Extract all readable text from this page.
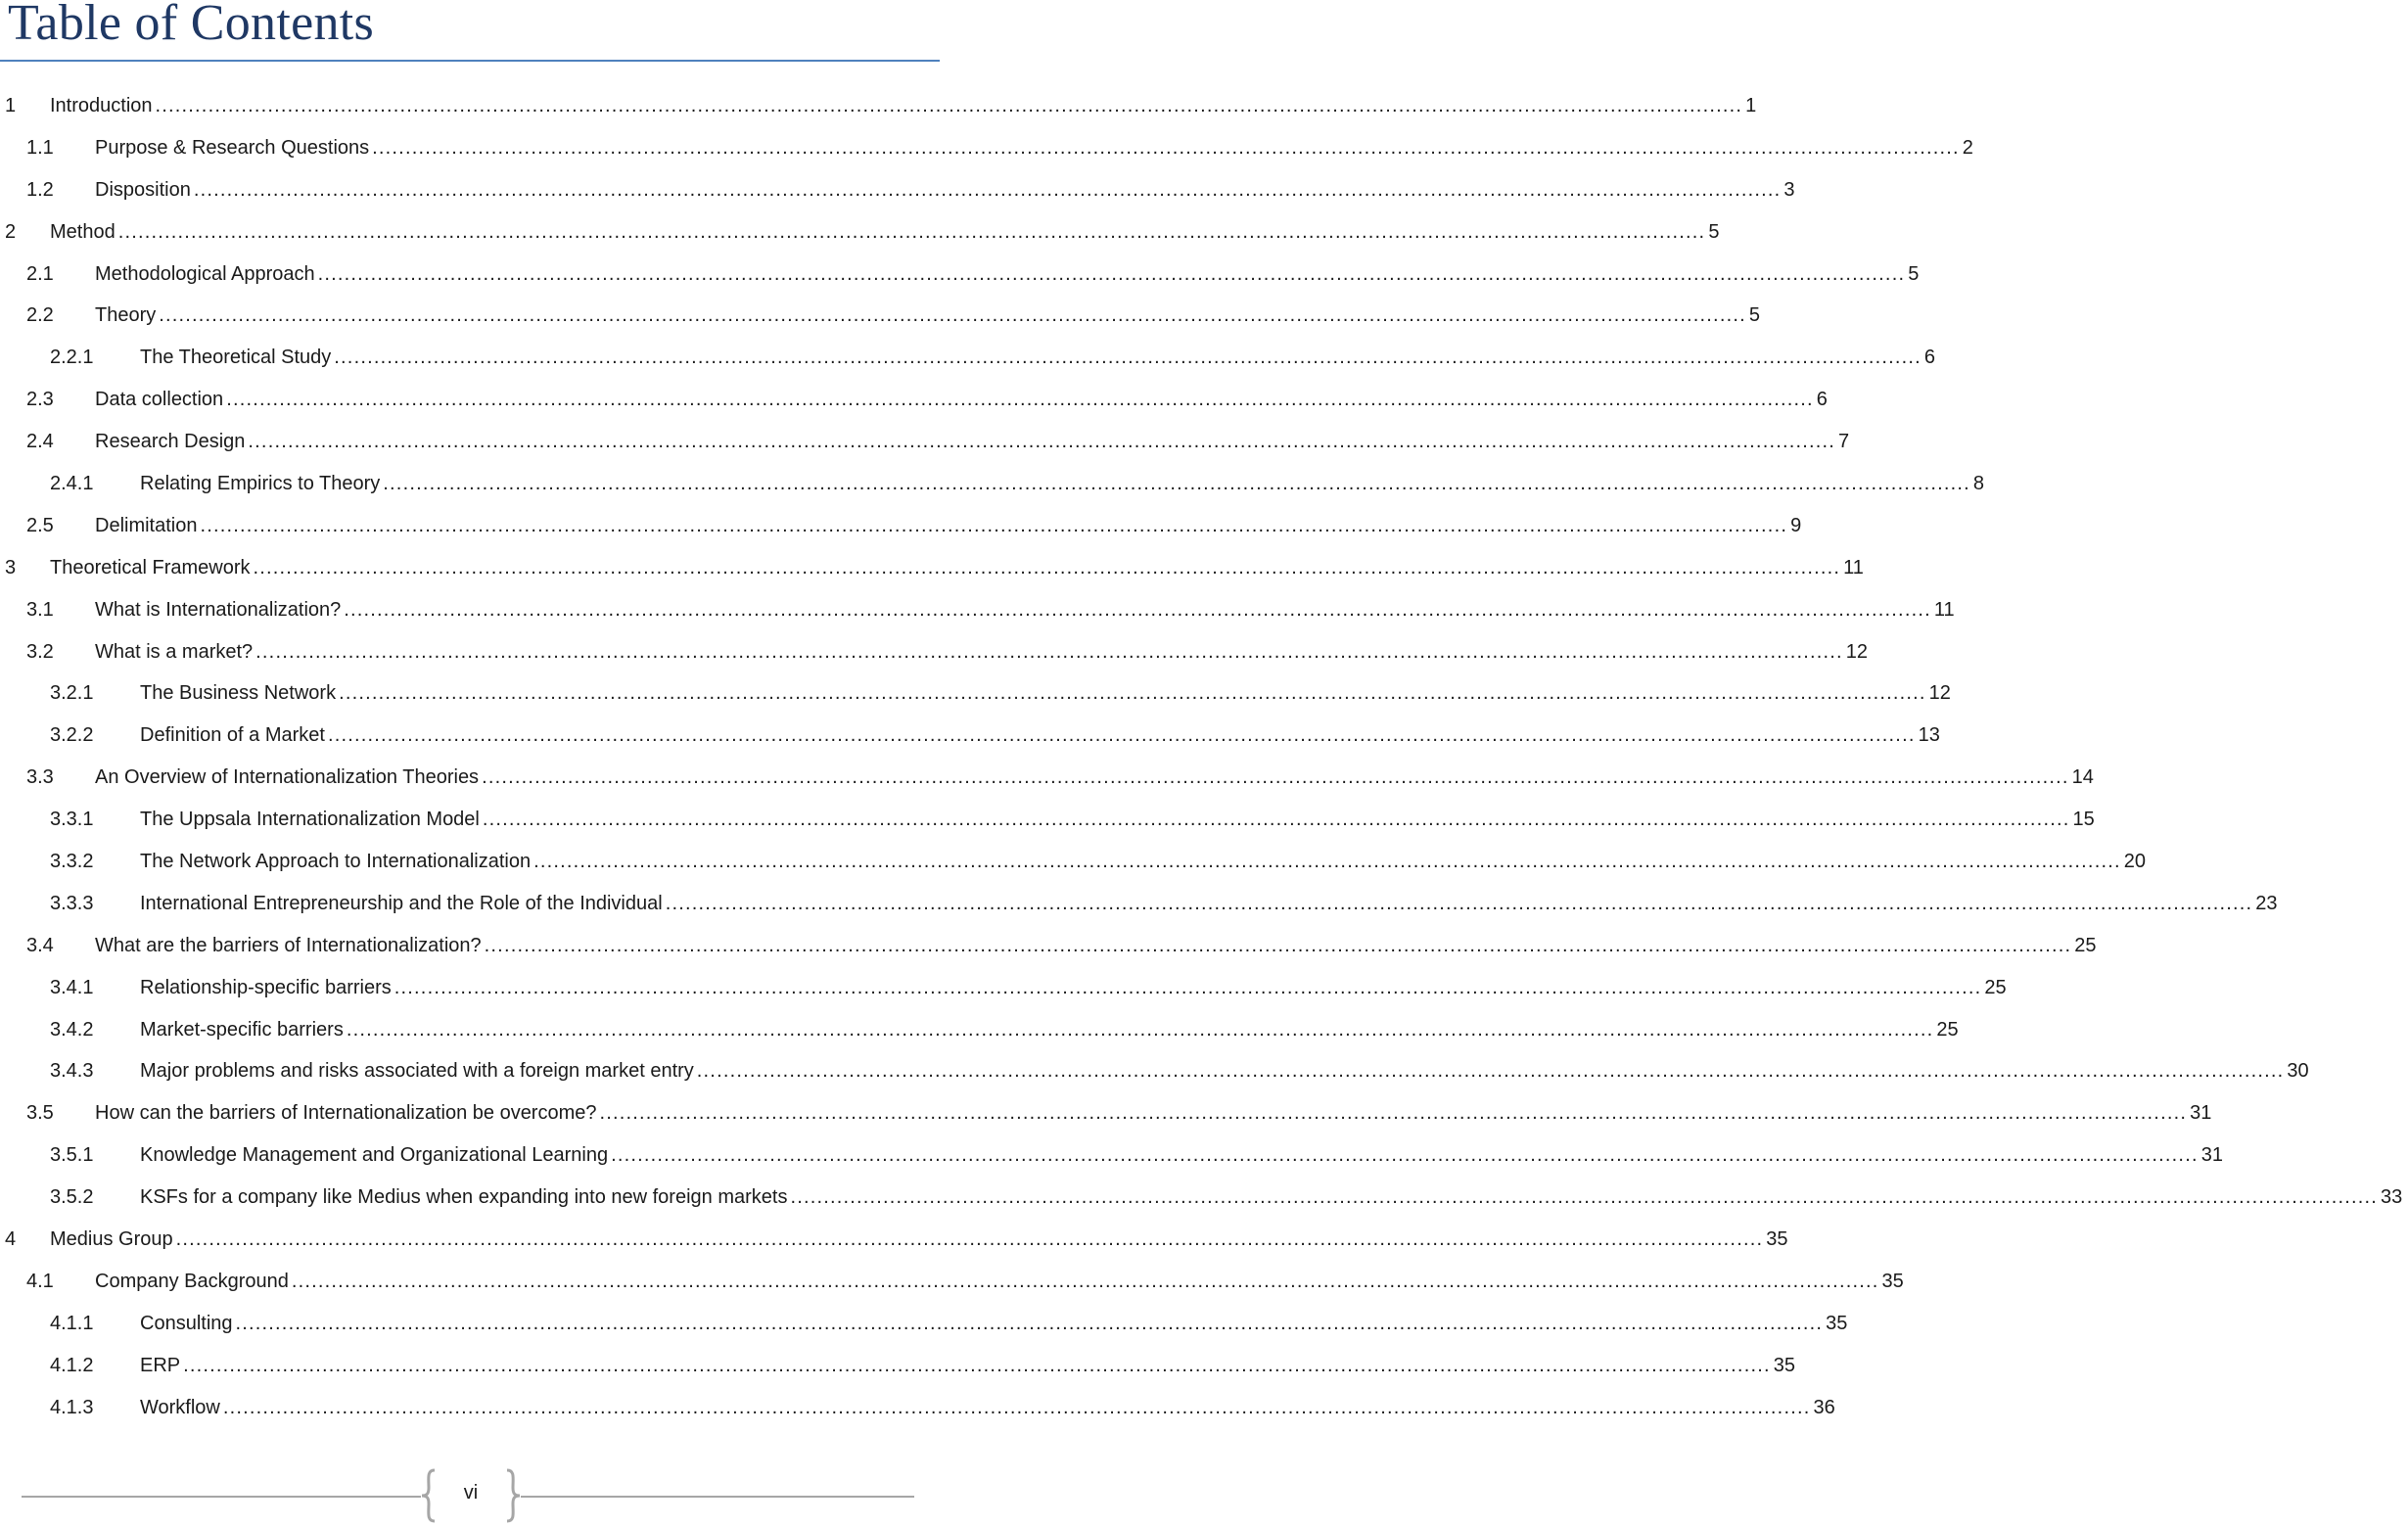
Table of Contents
1	Introduction .....	1
1.1	Purpose & Research Questions .....	2
1.2	Disposition .....	3
2	Method .....	5
2.1	Methodological Approach .....	5
2.2	Theory .....	5
2.2.1	The Theoretical Study .....	6
2.3	Data collection .....	6
2.4	Research Design .....	7
2.4.1	Relating Empirics to Theory .....	8
2.5	Delimitation .....	9
3	Theoretical Framework .....	11
3.1	What is Internationalization? .....	11
3.2	What is a market? .....	12
3.2.1	The Business Network .....	12
3.2.2	Definition of a Market .....	13
3.3	An Overview of Internationalization Theories .....	14
3.3.1	The Uppsala Internationalization Model .....	15
3.3.2	The Network Approach to Internationalization .....	20
3.3.3	International Entrepreneurship and the Role of the Individual .....	23
3.4	What are the barriers of Internationalization? .....	25
3.4.1	Relationship-specific barriers .....	25
3.4.2	Market-specific barriers .....	25
3.4.3	Major problems and risks associated with a foreign market entry .....	30
3.5	How can the barriers of Internationalization be overcome? .....	31
3.5.1	Knowledge Management and Organizational Learning .....	31
3.5.2	KSFs for a company like Medius when expanding into new foreign markets .....	33
4	Medius Group .....	35
4.1	Company Background .....	35
4.1.1	Consulting .....	35
4.1.2	ERP .....	35
4.1.3	Workflow .....	36
vi
